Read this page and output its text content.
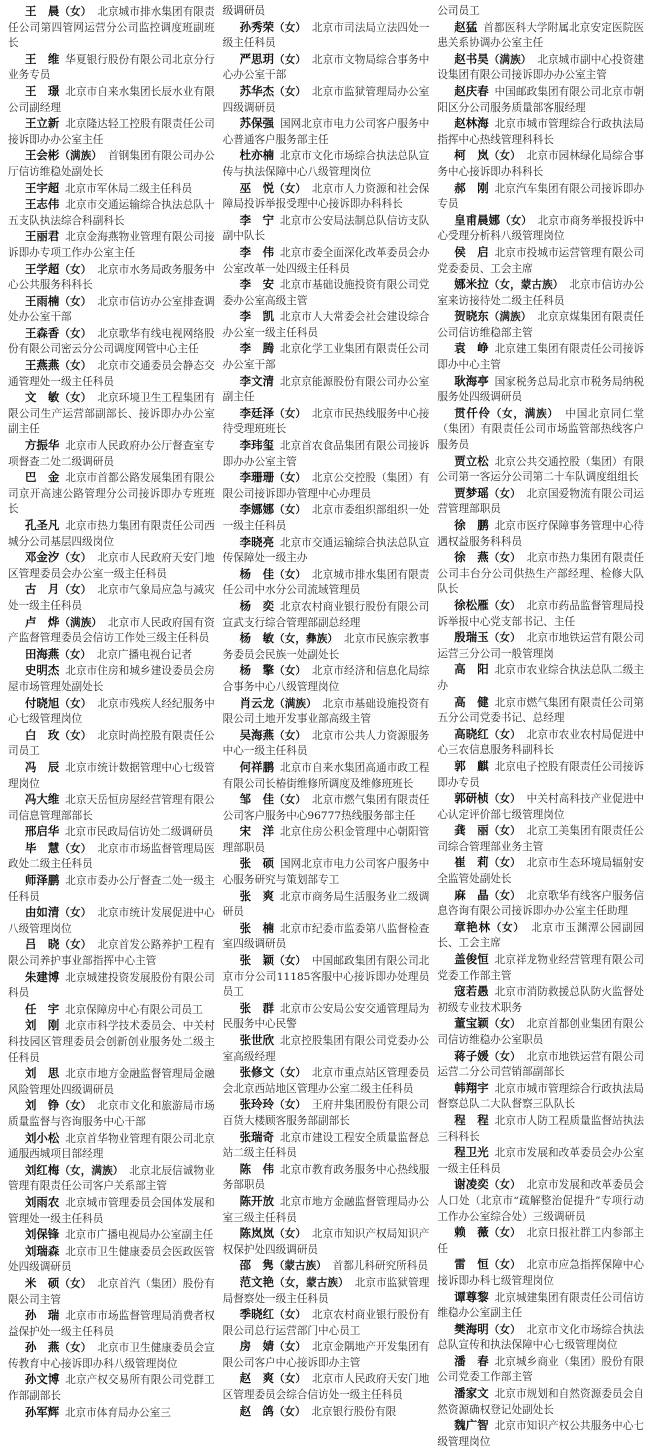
王　晨（女） 北京城市排水集团有限责任公司第四管网运营分公司监控调度班副班长

王　维 华夏银行股份有限公司北京分行业务专员

王　璟 北京市自来水集团长辰水业有限公司副经理

王立新 北京隆达轻工控股有限责任公司接诉即办办公室主任

王会彬（满族） 首钢集团有限公司办公厅信访维稳处副处长

王宇超 北京市军休局二级主任科员

王志伟 北京市交通运输综合执法总队十五支队执法综合科副科长

王丽君 北京金海燕物业管理有限公司接诉即办专项工作办公室主任

王学超（女） 北京市水务局政务服务中心公共服务科科长

王雨楠（女） 北京市信访办公室排查调处办公室干部

王森香（女） 北京歌华有线电视网络股份有限公司密云分公司调度网管中心主任

王燕燕（女） 北京市交通委员会静态交通管理处一级主任科员

文　敏（女） 北京环境卫生工程集团有限公司生产运营部副部长、接诉即办办公室副主任

方振华 北京市人民政府办公厅督查室专项督查二处二级调研员

巴　金 北京市首都公路发展集团有限公司京开高速公路管理分公司接诉即办专班班长

孔圣凡 北京市热力集团有限责任公司西城分公司基层四级岗位

邓金汐（女） 北京市人民政府天安门地区管理委员会办公室一级主任科员

古　月（女） 北京市气象局应急与减灾处一级主任科员

卢　烨（满族） 北京市人民政府国有资产监督管理委员会信访工作处三级主任科员

田海燕（女） 北京广播电视台记者

史明杰 北京市住房和城乡建设委员会房屋市场管理处副处长

付晓旭（女） 北京市残疾人经纪服务中心七级管理岗位

白　玫（女） 北京时尚控股有限责任公司员工

冯　辰 北京市统计数据管理中心七级管理岗位

冯大维 北京天岳恒房屋经营管理有限公司信息管理部部长

邢启华 北京市民政局信访处二级调研员

毕　慧（女） 北京市市场监督管理局医政处二级主任科员

师泽鹏 北京市委办公厅督查二处一级主任科员

由如清（女） 北京市统计发展促进中心八级管理岗位

吕　晓（女） 北京首发公路养护工程有限公司养护事业部指挥中心主管

朱建博 北京城建投资发展股份有限公司科员

任　宇 北京保障房中心有限公司员工

刘　刚 北京市科学技术委员会、中关村科技园区管理委员会创新创业服务处二级主任科员

刘　思 北京市地方金融监督管理局金融风险管理处四级调研员

刘　铮（女） 北京市文化和旅游局市场质量监督与咨询服务中心干部

刘小松 北京首华物业管理有限公司北京通服西城项目部经理

刘红梅（女，满族） 北京北辰信诚物业管理有限责任公司客户关系部主管

刘雨农 北京城市管理委员会国体发展和管理处一级主任科员

刘保锋 北京市广播电视局办公室副主任

刘瑞森 北京市卫生健康委员会医政医管处四级调研员

米　硕（女） 北京首汽（集团）股份有限公司主管

孙　瑞 北京市市场监督管理局消费者权益保护处一级主任科员

孙　燕（女） 北京市卫生健康委员会宣传教育中心接诉即办科八级管理岗位

孙文博 北京产权交易所有限公司党群工作部副部长

孙军辉 北京市体育局办公室三

级调研员

孙秀荣（女） 北京市司法局立法四处一级主任科员

严思玥（女） 北京市文物局综合事务中心办公室干部

苏华杰（女） 北京市监狱管理局办公室四级调研员

苏保强 国网北京市电力公司客户服务中心普通客户服务部主任

杜亦楠 北京市文化市场综合执法总队宣传与执法保障中心八级管理岗位

巫　悦（女） 北京市人力资源和社会保障局投诉举报受理中心接诉即办科科长

李　宁 北京市公安局法制总队信访支队副中队长

李　伟 北京市委全面深化改革委员会办公室改革一处四级主任科员

李　安 北京市基础设施投资有限公司党委办公室高级主管

李　凯 北京市人大常委会社会建设综合办公室一级主任科员

李　腾 北京化学工业集团有限责任公司办公室干部

李文清 北京京能源股份有限公司办公室副主任

李廷泽（女） 北京市民热线服务中心接待受理班班长

李玮玺 北京首农食品集团有限公司接诉即办办公室主管

李珊珊（女） 北京公交控股（集团）有限公司接诉即办管理中心办理员

李娜娜（女） 北京市委组织部组织一处一级主任科员

李晓亮 北京市交通运输综合执法总队宣传保障处一级主办

杨　佳（女） 北京城市排水集团有限责任公司中水分公司流域管理员

杨　奕 北京农村商业银行股份有限公司宣武支行综合管理部副总经理

杨　敏（女，彝族） 北京市民族宗教事务委员会民族一处副处长

杨　擎（女） 北京市经济和信息化局综合事务中心八级管理岗位

肖云龙（满族） 北京市基础设施投资有限公司土地开发事业部高级主管

吴海燕（女） 北京市公共人力资源服务中心一级主任科员

何祥鹏 北京市自来水集团高通市政工程有限公司长椿街维修所调度及维修班班长

邹　佳（女） 北京市燃气集团有限责任公司客户服务中心96777热线服务部主任

宋　洋 北京住房公积金管理中心朝阳管理部职员

张　硕 国网北京市电力公司客户服务中心服务研究与策划部专工

张　爽 北京市商务局生活服务业二级调研员

张　楠 北京市纪委市监委第八监督检查室四级调研员

张　颖（女） 中国邮政集团有限公司北京市分公司11185客服中心接诉即办处理员员工

张　群 北京市公安局公安交通管理局为民服务中心民警

张世欣 北京控股集团有限公司党委办公室高级经理

张修文（女） 北京市重点站区管理委员会北京西站地区管理办公室二级主任科员

张玲玲（女） 王府井集团股份有限公司百货大楼顾客服务部副部长

张瑞奇 北京市建设工程安全质量监督总站二级主任科员

陈　伟 北京市教育政务服务中心热线服务部职员

陈开放 北京市地方金融监督管理局办公室三级主任科员

陈岚岚（女） 北京市知识产权局知识产权保护处四级调研员

邵　隽（蒙古族） 首都儿科研究所科员

范文艳（女，蒙古族） 北京市监狱管理局督察处一级主任科员

季晓红（女） 北京农村商业银行股份有限公司总行运营部门中心员工

房　婧（女） 北京金隅地产开发集团有限公司客户中心接诉即办主管

赵　爽（女） 北京市人民政府天安门地区管理委员会综合信访处一级主任科员

赵　鸽（女） 北京银行股份有限

公司员工

赵猛 首都医科大学附属北京安定医院医患关系协调办公室主任

赵书昊（满族） 北京城市副中心投资建设集团有限公司接诉即办办公室主管

赵庆春 中国邮政集团有限公司北京市朝阳区分公司服务质量部客服经理

赵林海 北京市城市管理综合行政执法局指挥中心热线管理科科长

柯　岚（女） 北京市园林绿化局综合事务中心接诉即办科科长

郝　刚 北京汽车集团有限公司接诉即办专员

皇甫晨娜（女） 北京市商务举报投诉中心受理分析科八级管理岗位

侯　启 北京市投城市运营管理有限公司党委委员、工会主席

娜米拉（女，蒙古族） 北京市信访办公室来访接待处二级主任科员

贺晓东（满族） 北京京煤集团有限责任公司信访维稳部主管

袁　峥 北京建工集团有限责任公司接诉即办中心主管

耿海亭 国家税务总局北京市税务局纳税服务处四级调研员

贯仟伶（女，满族） 中国北京同仁堂（集团）有限责任公司市场监管部热线客户服务员

贾立松 北京公共交通控股（集团）有限公司第一客运分公司第二十车队调度组组长

贾梦瑶（女） 北京国爱物流有限公司运营管理部职员

徐　鹏 北京市医疗保障事务管理中心待遇权益服务科科员

徐　燕（女） 北京市热力集团有限责任公司丰台分公司供热生产部经理、检修大队队长

徐松雁（女） 北京市药品监督管理局投诉举报中心党支部书记、主任

殷瑞玉（女） 北京市地铁运营有限公司运营三分公司一般管理岗

高　阳 北京市农业综合执法总队二级主办

高　健 北京市燃气集团有限责任公司第五分公司党委书记、总经理

高晓红（女） 北京市农业农村局促进中心三农信息服务科副科长

郭　麒 北京电子控股有限责任公司接诉即办专员

郭研桢（女） 中关村高科技产业促进中心认定评价部七级管理岗位

龚　丽（女） 北京工美集团有限责任公司综合管理部业务主管

崔　莉（女） 北京市生态环境局辐射安全监管处副处长

麻　晶（女） 北京歌华有线客户服务信息咨询有限公司接诉即办办公室主任助理

章艳林（女） 北京市玉渊潭公园副园长、工会主席

盖俊恒 北京祥龙物业经营管理有限公司党委工作部主管

寇若愚 北京市消防救援总队防火监督处初级专业技术职务

董宝颖（女） 北京首都创业集团有限公司信访维稳办公室职员

蒋子媛（女） 北京市地铁运营有限公司运营二分公司营销部副部长

韩翔宇 北京市城市管理综合行政执法局督察总队二大队督察三队队长

程　程 北京市人防工程质量监督站执法三科科长

程卫光 北京市发展和改革委员会办公室一级主任科员

谢凌奕（女） 北京市发展和改革委员会人口处（北京市“疏解整治促提升”专项行动工作办公室综合处）三级调研员

赖　薇（女） 北京日报社群工内参部主任

雷　恒（女） 北京市应急指挥保障中心接诉即办科七级管理岗位

谭尊黎 北京城建集团有限责任公司信访维稳办公室副主任

樊海明（女） 北京市文化市场综合执法总队宣传和执法保障中心七级管理岗位

潘　春 北京城乡商业（集团）股份有限公司党委工作部主管

潘家文 北京市规划和自然资源委员会自然资源确权登记处副处长

魏广智 北京市知识产权公共服务中心七级管理岗位
